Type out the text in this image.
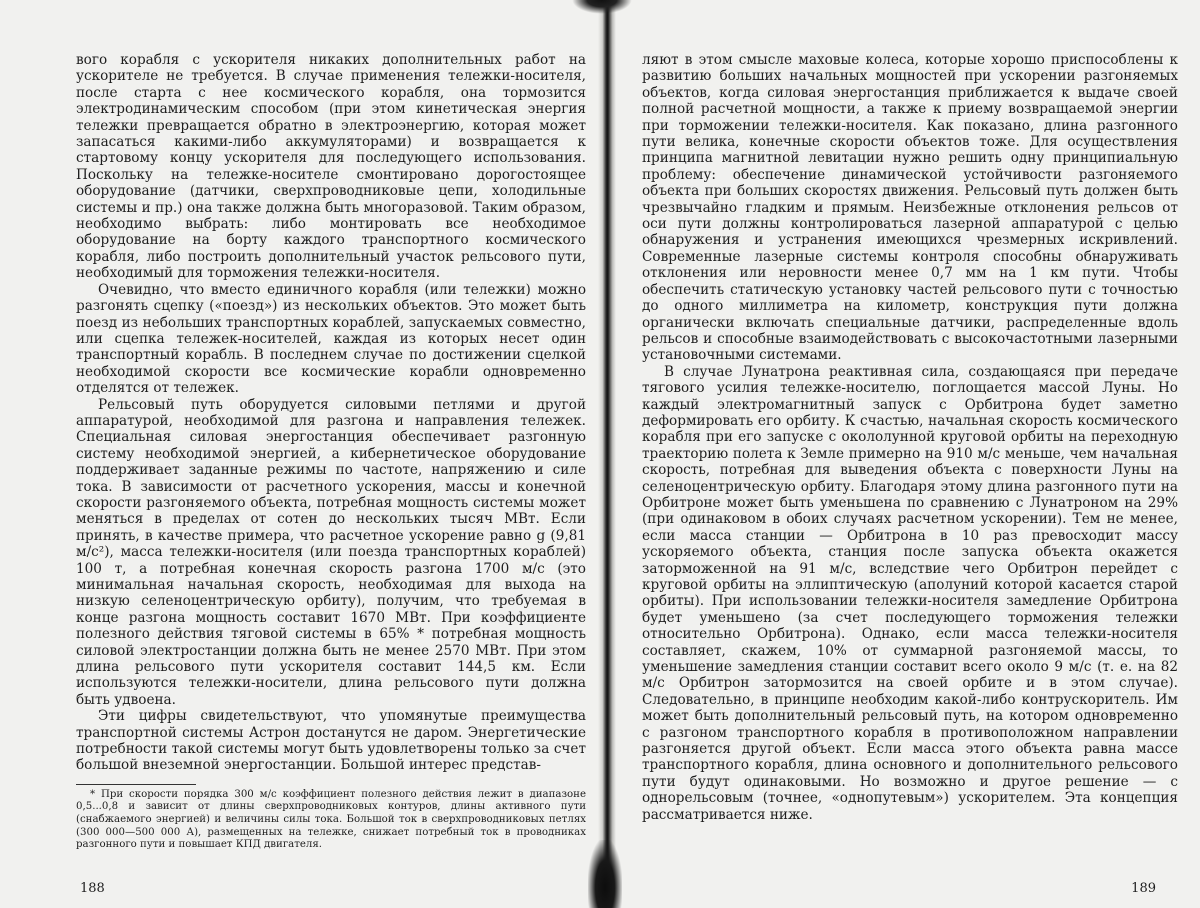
вого корабля с ускорителя никаких дополнительных работ на ускорителе не требуется. В случае применения тележки-носителя, после старта с нее космического корабля, она тормозится электродинамическим способом (при этом кинетическая энергия тележки превращается обратно в электроэнергию, которая может запасаться какими-либо аккумуляторами) и возвращается к стартовому концу ускорителя для последующего использования. Поскольку на тележке-носителе смонтировано дорогостоящее оборудование (датчики, сверхпроводниковые цепи, холодильные системы и пр.) она также должна быть многоразовой. Таким образом, необходимо выбрать: либо монтировать все необходимое оборудование на борту каждого транспортного космического корабля, либо построить дополнительный участок рельсового пути, необходимый для торможения тележки-носителя.

Очевидно, что вместо единичного корабля (или тележки) можно разгонять сцепку («поезд») из нескольких объектов. Это может быть поезд из небольших транспортных кораблей, запускаемых совместно, или сцепка тележек-носителей, каждая из которых несет один транспортный корабль. В последнем случае по достижении сцелкой необходимой скорости все космические корабли одновременно отделятся от тележек.

Рельсовый путь оборудуется силовыми петлями и другой аппаратурой, необходимой для разгона и направления тележек. Специальная силовая энергостанция обеспечивает разгонную систему необходимой энергией, а кибернетическое оборудование поддерживает заданные режимы по частоте, напряжению и силе тока. В зависимости от расчетного ускорения, массы и конечной скорости разгоняемого объекта, потребная мощность системы может меняться в пределах от сотен до нескольких тысяч МВт. Если принять, в качестве примера, что расчетное ускорение равно g (9,81 м/с²), масса тележки-носителя (или поезда транспортных кораблей) 100 т, а потребная конечная скорость разгона 1700 м/с (это минимальная начальная скорость, необходимая для выхода на низкую селеноцентрическую орбиту), получим, что требуемая в конце разгона мощность составит 1670 МВт. При коэффициенте полезного действия тяговой системы в 65% * потребная мощность силовой электростанции должна быть не менее 2570 МВт. При этом длина рельсового пути ускорителя составит 144,5 км. Если используются тележки-носители, длина рельсового пути должна быть удвоена.

Эти цифры свидетельствуют, что упомянутые преимущества транспортной системы Астрон достанутся не даром. Энергетические потребности такой системы могут быть удовлетворены только за счет большой внеземной энергостанции. Большой интерес представ-

* При скорости порядка 300 м/с коэффициент полезного действия лежит в диапазоне 0,5...0,8 и зависит от длины сверхпроводниковых контуров, длины активного пути (снабжаемого энергией) и величины силы тока. Большой ток в сверхпроводниковых петлях (300 000—500 000 А), размещенных на тележке, снижает потребный ток в проводниках разгонного пути и повышает КПД двигателя.

188

ляют в этом смысле маховые колеса, которые хорошо приспособлены к развитию больших начальных мощностей при ускорении разгоняемых объектов, когда силовая энергостанция приближается к выдаче своей полной расчетной мощности, а также к приему возвращаемой энергии при торможении тележки-носителя. Как показано, длина разгонного пути велика, конечные скорости объектов тоже. Для осуществления принципа магнитной левитации нужно решить одну принципиальную проблему: обеспечение динамической устойчивости разгоняемого объекта при больших скоростях движения. Рельсовый путь должен быть чрезвычайно гладким и прямым. Неизбежные отклонения рельсов от оси пути должны контролироваться лазерной аппаратурой с целью обнаружения и устранения имеющихся чрезмерных искривлений. Современные лазерные системы контроля способны обнаруживать отклонения или неровности менее 0,7 мм на 1 км пути. Чтобы обеспечить статическую установку частей рельсового пути с точностью до одного миллиметра на километр, конструкция пути должна органически включать специальные датчики, распределенные вдоль рельсов и способные взаимодействовать с высокочастотными лазерными установочными системами.

В случае Лунатрона реактивная сила, создающаяся при передаче тягового усилия тележке-носителю, поглощается массой Луны. Но каждый электромагнитный запуск с Орбитрона будет заметно деформировать его орбиту. К счастью, начальная скорость космического корабля при его запуске с окололунной круговой орбиты на переходную траекторию полета к Земле примерно на 910 м/с меньше, чем начальная скорость, потребная для выведения объекта с поверхности Луны на селеноцентрическую орбиту. Благодаря этому длина разгонного пути на Орбитроне может быть уменьшена по сравнению с Лунатроном на 29% (при одинаковом в обоих случаях расчетном ускорении). Тем не менее, если масса станции — Орбитрона в 10 раз превосходит массу ускоряемого объекта, станция после запуска объекта окажется заторможенной на 91 м/с, вследствие чего Орбитрон перейдет с круговой орбиты на эллиптическую (аполуний которой касается старой орбиты). При использовании тележки-носителя замедление Орбитрона будет уменьшено (за счет последующего торможения тележки относительно Орбитрона). Однако, если масса тележки-носителя составляет, скажем, 10% от суммарной разгоняемой массы, то уменьшение замедления станции составит всего около 9 м/с (т. е. на 82 м/с Орбитрон затормозится на своей орбите и в этом случае). Следовательно, в принципе необходим какой-либо контрускоритель. Им может быть дополнительный рельсовый путь, на котором одновременно с разгоном транспортного корабля в противоположном направлении разгоняется другой объект. Если масса этого объекта равна массе транспортного корабля, длина основного и дополнительного рельсового пути будут одинаковыми. Но возможно и другое решение — с однорельсовым (точнее, «однопутевым») ускорителем. Эта концепция рассматривается ниже.

189
